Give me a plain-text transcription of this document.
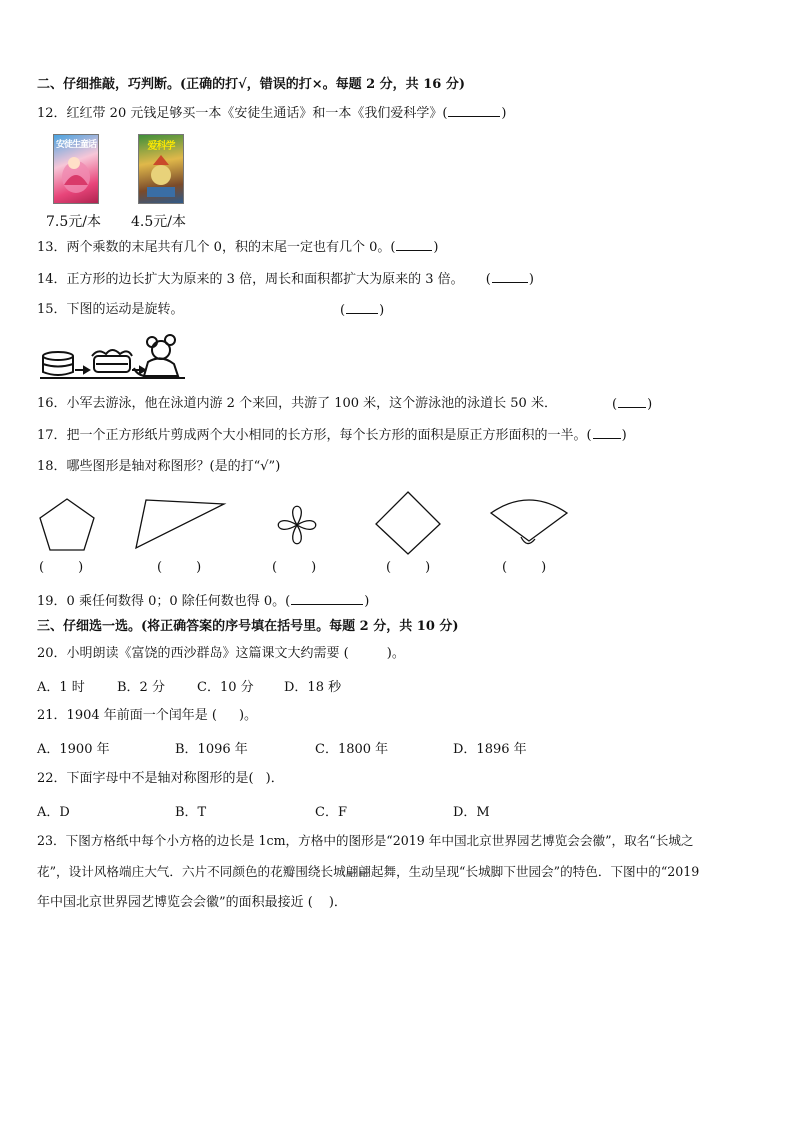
二、仔细推敲，巧判断。(正确的打√，错误的打×。每题 2 分，共 16 分)
12．红红带 20 元钱足够买一本《安徒生通话》和一本《我们爱科学》(	)
安徒生童话	爱科学
7.5元/本 4.5元/本
13．两个乘数的末尾共有几个 0，积的末尾一定也有几个 0。(	)
14．正方形的边长扩大为原来的 3 倍，周长和面积都扩大为原来的 3 倍。 (	)
15．下图的运动是旋转。	(	)
16．小军去游泳，他在泳道内游 2 个来回，共游了 100 米，这个游泳池的泳道长 50 米．	( )
17．把一个正方形纸片剪成两个大小相同的长方形，每个长方形的面积是原正方形面积的一半。( )
18．哪些图形是轴对称图形？(是的打“√”)
(	)	(	)	(	)	(	)	(	)
19．0 乘任何数得 0；0 除任何数也得 0。(	)
三、仔细选一选。(将正确答案的序号填在括号里。每题 2 分，共 10 分)
20．小明朗读《富饶的西沙群岛》这篇课文大约需要 (	)。
A．1 时 B．2 分 C．10 分 D．18 秒
21．1904 年前面一个闰年是 ( )。
A．1900 年	B．1096 年	C．1800 年	D．1896 年
22．下面字母中不是轴对称图形的是( )．
A．D	B．T	C．F	D．M
23．下图方格纸中每个小方格的边长是 1cm，方格中的图形是“2019 年中国北京世界园艺博览会会徽”，取名“长城之
花”，设计风格端庄大气．六片不同颜色的花瓣围绕长城翩翩起舞，生动呈现“长城脚下世园会”的特色．下图中的“2019
年中国北京世界园艺博览会会徽”的面积最接近 ( )．
